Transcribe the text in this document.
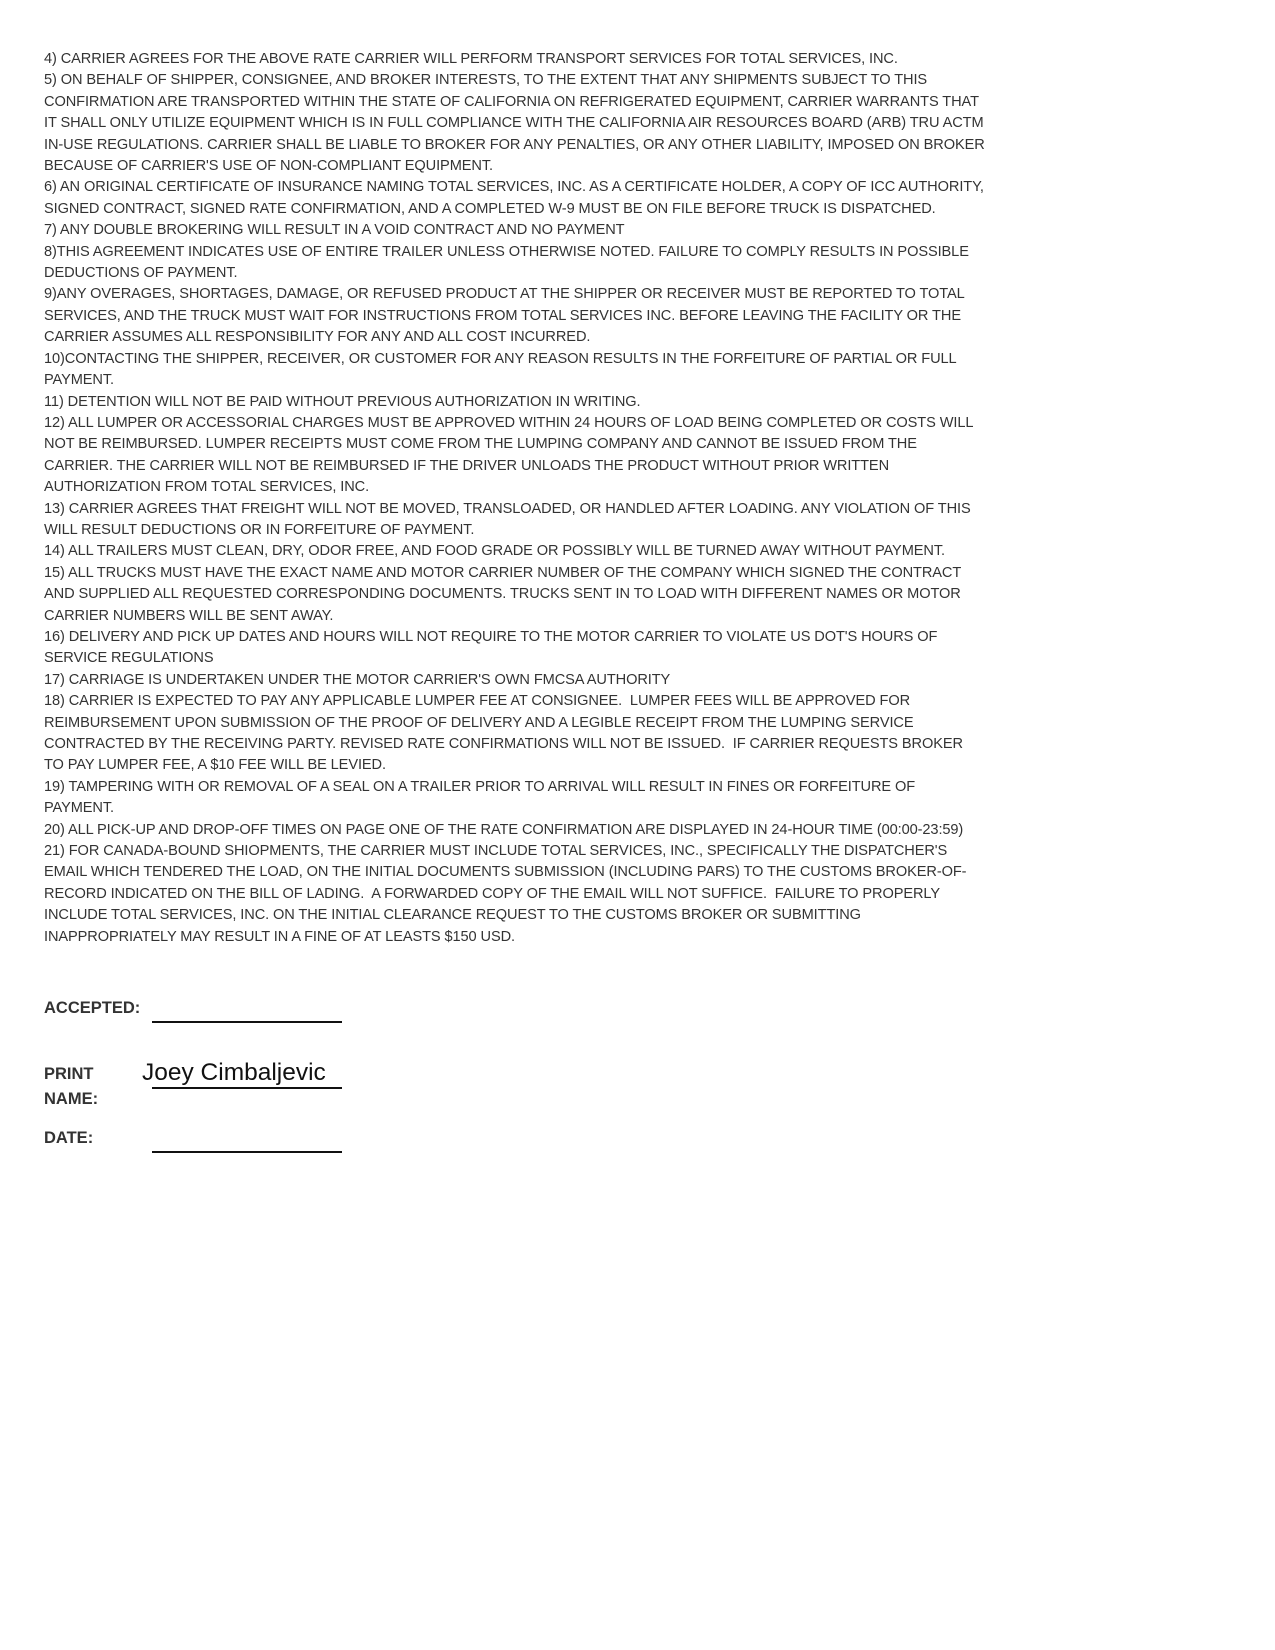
4) CARRIER AGREES FOR THE ABOVE RATE CARRIER WILL PERFORM TRANSPORT SERVICES FOR TOTAL SERVICES, INC.
5) ON BEHALF OF SHIPPER, CONSIGNEE, AND BROKER INTERESTS, TO THE EXTENT THAT ANY SHIPMENTS SUBJECT TO THIS
CONFIRMATION ARE TRANSPORTED WITHIN THE STATE OF CALIFORNIA ON REFRIGERATED EQUIPMENT, CARRIER WARRANTS THAT
IT SHALL ONLY UTILIZE EQUIPMENT WHICH IS IN FULL COMPLIANCE WITH THE CALIFORNIA AIR RESOURCES BOARD (ARB) TRU ACTM
IN-USE REGULATIONS. CARRIER SHALL BE LIABLE TO BROKER FOR ANY PENALTIES, OR ANY OTHER LIABILITY, IMPOSED ON BROKER
BECAUSE OF CARRIER'S USE OF NON-COMPLIANT EQUIPMENT.
6) AN ORIGINAL CERTIFICATE OF INSURANCE NAMING TOTAL SERVICES, INC. AS A CERTIFICATE HOLDER, A COPY OF ICC AUTHORITY,
SIGNED CONTRACT, SIGNED RATE CONFIRMATION, AND A COMPLETED W-9 MUST BE ON FILE BEFORE TRUCK IS DISPATCHED.
7) ANY DOUBLE BROKERING WILL RESULT IN A VOID CONTRACT AND NO PAYMENT
8)THIS AGREEMENT INDICATES USE OF ENTIRE TRAILER UNLESS OTHERWISE NOTED. FAILURE TO COMPLY RESULTS IN POSSIBLE
DEDUCTIONS OF PAYMENT.
9)ANY OVERAGES, SHORTAGES, DAMAGE, OR REFUSED PRODUCT AT THE SHIPPER OR RECEIVER MUST BE REPORTED TO TOTAL
SERVICES, AND THE TRUCK MUST WAIT FOR INSTRUCTIONS FROM TOTAL SERVICES INC. BEFORE LEAVING THE FACILITY OR THE
CARRIER ASSUMES ALL RESPONSIBILITY FOR ANY AND ALL COST INCURRED.
10)CONTACTING THE SHIPPER, RECEIVER, OR CUSTOMER FOR ANY REASON RESULTS IN THE FORFEITURE OF PARTIAL OR FULL
PAYMENT.
11) DETENTION WILL NOT BE PAID WITHOUT PREVIOUS AUTHORIZATION IN WRITING.
12) ALL LUMPER OR ACCESSORIAL CHARGES MUST BE APPROVED WITHIN 24 HOURS OF LOAD BEING COMPLETED OR COSTS WILL
NOT BE REIMBURSED. LUMPER RECEIPTS MUST COME FROM THE LUMPING COMPANY AND CANNOT BE ISSUED FROM THE
CARRIER. THE CARRIER WILL NOT BE REIMBURSED IF THE DRIVER UNLOADS THE PRODUCT WITHOUT PRIOR WRITTEN
AUTHORIZATION FROM TOTAL SERVICES, INC.
13) CARRIER AGREES THAT FREIGHT WILL NOT BE MOVED, TRANSLOADED, OR HANDLED AFTER LOADING. ANY VIOLATION OF THIS
WILL RESULT DEDUCTIONS OR IN FORFEITURE OF PAYMENT.
14) ALL TRAILERS MUST CLEAN, DRY, ODOR FREE, AND FOOD GRADE OR POSSIBLY WILL BE TURNED AWAY WITHOUT PAYMENT.
15) ALL TRUCKS MUST HAVE THE EXACT NAME AND MOTOR CARRIER NUMBER OF THE COMPANY WHICH SIGNED THE CONTRACT
AND SUPPLIED ALL REQUESTED CORRESPONDING DOCUMENTS. TRUCKS SENT IN TO LOAD WITH DIFFERENT NAMES OR MOTOR
CARRIER NUMBERS WILL BE SENT AWAY.
16) DELIVERY AND PICK UP DATES AND HOURS WILL NOT REQUIRE TO THE MOTOR CARRIER TO VIOLATE US DOT'S HOURS OF
SERVICE REGULATIONS
17) CARRIAGE IS UNDERTAKEN UNDER THE MOTOR CARRIER'S OWN FMCSA AUTHORITY
18) CARRIER IS EXPECTED TO PAY ANY APPLICABLE LUMPER FEE AT CONSIGNEE.  LUMPER FEES WILL BE APPROVED FOR
REIMBURSEMENT UPON SUBMISSION OF THE PROOF OF DELIVERY AND A LEGIBLE RECEIPT FROM THE LUMPING SERVICE
CONTRACTED BY THE RECEIVING PARTY. REVISED RATE CONFIRMATIONS WILL NOT BE ISSUED.  IF CARRIER REQUESTS BROKER
TO PAY LUMPER FEE, A $10 FEE WILL BE LEVIED.
19) TAMPERING WITH OR REMOVAL OF A SEAL ON A TRAILER PRIOR TO ARRIVAL WILL RESULT IN FINES OR FORFEITURE OF
PAYMENT.
20) ALL PICK-UP AND DROP-OFF TIMES ON PAGE ONE OF THE RATE CONFIRMATION ARE DISPLAYED IN 24-HOUR TIME (00:00-23:59)
21) FOR CANADA-BOUND SHIOPMENTS, THE CARRIER MUST INCLUDE TOTAL SERVICES, INC., SPECIFICALLY THE DISPATCHER'S
EMAIL WHICH TENDERED THE LOAD, ON THE INITIAL DOCUMENTS SUBMISSION (INCLUDING PARS) TO THE CUSTOMS BROKER-OF-
RECORD INDICATED ON THE BILL OF LADING.  A FORWARDED COPY OF THE EMAIL WILL NOT SUFFICE.  FAILURE TO PROPERLY
INCLUDE TOTAL SERVICES, INC. ON THE INITIAL CLEARANCE REQUEST TO THE CUSTOMS BROKER OR SUBMITTING
INAPPROPRIATELY MAY RESULT IN A FINE OF AT LEASTS $150 USD.
ACCEPTED:
PRINT
NAME:
Joey Cimbaljevic
DATE:
